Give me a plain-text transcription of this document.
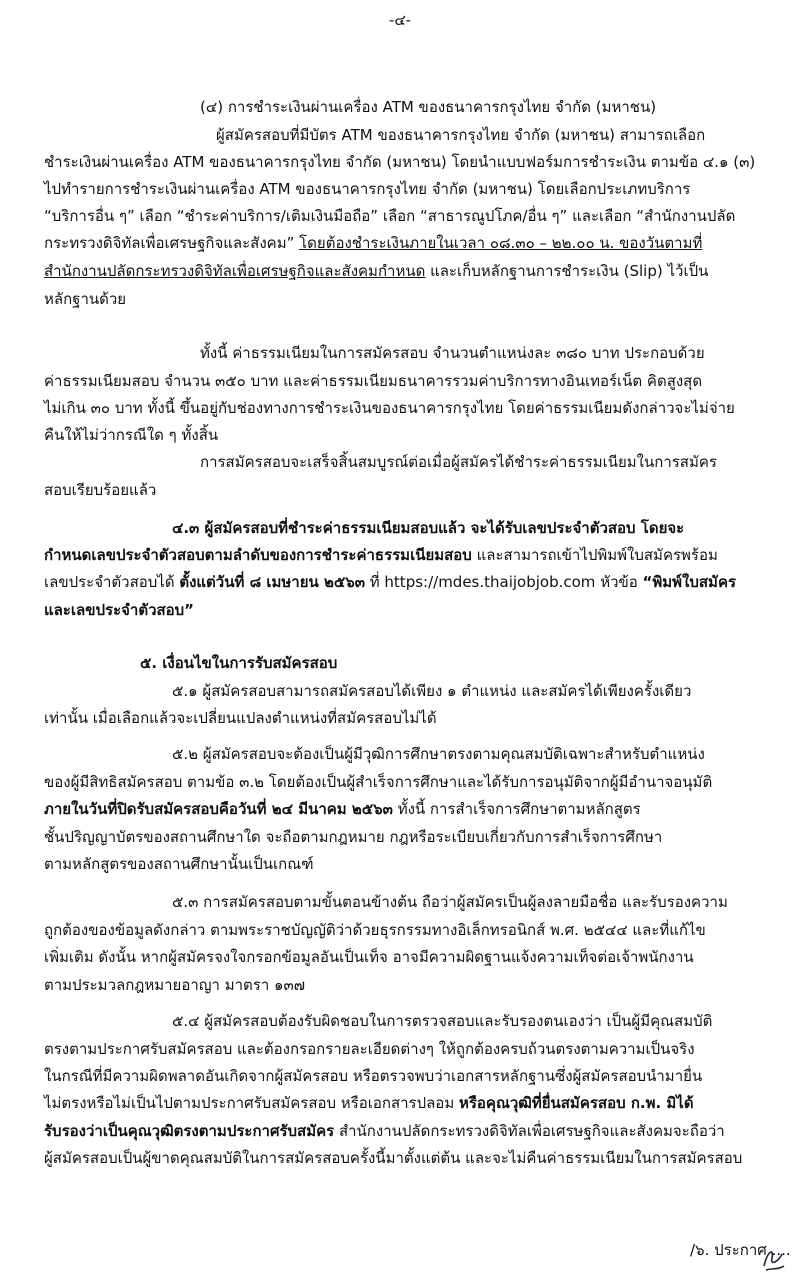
-๔-
(๔) การชำระเงินผ่านเครื่อง ATM ของธนาคารกรุงไทย จำกัด (มหาชน)
ผู้สมัครสอบที่มีบัตร ATM ของธนาคารกรุงไทย จำกัด (มหาชน) สามารถเลือก
ชำระเงินผ่านเครื่อง ATM ของธนาคารกรุงไทย จำกัด (มหาชน) โดยนำแบบฟอร์มการชำระเงิน ตามข้อ ๔.๑ (๓)
ไปทำรายการชำระเงินผ่านเครื่อง ATM ของธนาคารกรุงไทย จำกัด (มหาชน) โดยเลือกประเภทบริการ
“บริการอื่น ๆ” เลือก “ชำระค่าบริการ/เติมเงินมือถือ” เลือก “สาธารณูปโภค/อื่น ๆ” และเลือก “สำนักงานปลัด
กระทรวงดิจิทัลเพื่อเศรษฐกิจและสังคม” โดยต้องชำระเงินภายในเวลา ๐๘.๓๐ – ๒๒.๐๐ น. ของวันตามที่
สำนักงานปลัดกระทรวงดิจิทัลเพื่อเศรษฐกิจและสังคมกำหนด และเก็บหลักฐานการชำระเงิน (Slip) ไว้เป็น
หลักฐานด้วย
ทั้งนี้ ค่าธรรมเนียมในการสมัครสอบ จำนวนตำแหน่งละ ๓๘๐ บาท ประกอบด้วย
ค่าธรรมเนียมสอบ จำนวน ๓๕๐ บาท และค่าธรรมเนียมธนาคารรวมค่าบริการทางอินเทอร์เน็ต คิดสูงสุด
ไม่เกิน ๓๐ บาท ทั้งนี้ ขึ้นอยู่กับช่องทางการชำระเงินของธนาคารกรุงไทย โดยค่าธรรมเนียมดังกล่าวจะไม่จ่าย
คืนให้ไม่ว่ากรณีใด ๆ ทั้งสิ้น
การสมัครสอบจะเสร็จสิ้นสมบูรณ์ต่อเมื่อผู้สมัครได้ชำระค่าธรรมเนียมในการสมัคร
สอบเรียบร้อยแล้ว
๔.๓ ผู้สมัครสอบที่ชำระค่าธรรมเนียมสอบแล้ว จะได้รับเลขประจำตัวสอบ โดยจะ
กำหนดเลขประจำตัวสอบตามลำดับของการชำระค่าธรรมเนียมสอบ และสามารถเข้าไปพิมพ์ใบสมัครพร้อม
เลขประจำตัวสอบได้ ตั้งแต่วันที่ ๘ เมษายน ๒๕๖๓ ที่ https://mdes.thaijobjob.com หัวข้อ “พิมพ์ใบสมัคร
และเลขประจำตัวสอบ”
๕. เงื่อนไขในการรับสมัครสอบ
๕.๑ ผู้สมัครสอบสามารถสมัครสอบได้เพียง ๑ ตำแหน่ง และสมัครได้เพียงครั้งเดียว
เท่านั้น เมื่อเลือกแล้วจะเปลี่ยนแปลงตำแหน่งที่สมัครสอบไม่ได้
๕.๒ ผู้สมัครสอบจะต้องเป็นผู้มีวุฒิการศึกษาตรงตามคุณสมบัติเฉพาะสำหรับตำแหน่ง
ของผู้มีสิทธิสมัครสอบ ตามข้อ ๓.๒ โดยต้องเป็นผู้สำเร็จการศึกษาและได้รับการอนุมัติจากผู้มีอำนาจอนุมัติ
ภายในวันที่ปิดรับสมัครสอบคือวันที่ ๒๔ มีนาคม ๒๕๖๓ ทั้งนี้ การสำเร็จการศึกษาตามหลักสูตร
ชั้นปริญญาบัตรของสถานศึกษาใด จะถือตามกฎหมาย กฎหรือระเบียบเกี่ยวกับการสำเร็จการศึกษา
ตามหลักสูตรของสถานศึกษานั้นเป็นเกณฑ์
๕.๓ การสมัครสอบตามขั้นตอนข้างต้น ถือว่าผู้สมัครเป็นผู้ลงลายมือชื่อ และรับรองความ
ถูกต้องของข้อมูลดังกล่าว ตามพระราชบัญญัติว่าด้วยธุรกรรมทางอิเล็กทรอนิกส์ พ.ศ. ๒๕๔๔ และที่แก้ไข
เพิ่มเติม ดังนั้น หากผู้สมัครจงใจกรอกข้อมูลอันเป็นเท็จ อาจมีความผิดฐานแจ้งความเท็จต่อเจ้าพนักงาน
ตามประมวลกฎหมายอาญา มาตรา ๑๓๗
๕.๔ ผู้สมัครสอบต้องรับผิดชอบในการตรวจสอบและรับรองตนเองว่า เป็นผู้มีคุณสมบัติ
ตรงตามประกาศรับสมัครสอบ และต้องกรอกรายละเอียดต่างๆ ให้ถูกต้องครบถ้วนตรงตามความเป็นจริง
ในกรณีที่มีความผิดพลาดอันเกิดจากผู้สมัครสอบ หรือตรวจพบว่าเอกสารหลักฐานซึ่งผู้สมัครสอบนำมายื่น
ไม่ตรงหรือไม่เป็นไปตามประกาศรับสมัครสอบ หรือเอกสารปลอม หรือคุณวุฒิที่ยื่นสมัครสอบ ก.พ. มิได้
รับรองว่าเป็นคุณวุฒิตรงตามประกาศรับสมัคร สำนักงานปลัดกระทรวงดิจิทัลเพื่อเศรษฐกิจและสังคมจะถือว่า
ผู้สมัครสอบเป็นผู้ขาดคุณสมบัติในการสมัครสอบครั้งนี้มาตั้งแต่ต้น และจะไม่คืนค่าธรรมเนียมในการสมัครสอบ
/๖. ประกาศ ....
